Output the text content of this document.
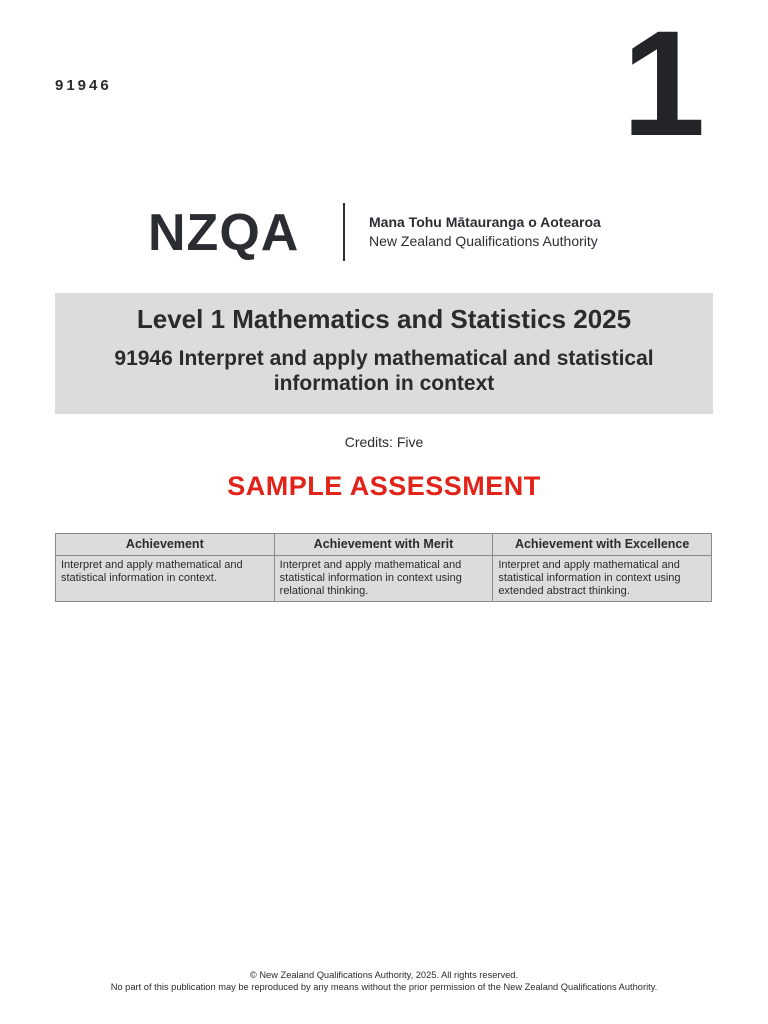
91946	1
NZQA	Mana Tohu Mātauranga o Aotearoa
New Zealand Qualifications Authority
Level 1 Mathematics and Statistics 2025
91946 Interpret and apply mathematical and statistical information in context
Credits: Five
SAMPLE ASSESSMENT
Achievement	Achievement with Merit	Achievement with Excellence
Interpret and apply mathematical and statistical information in context.	Interpret and apply mathematical and statistical information in context using relational thinking.	Interpret and apply mathematical and statistical information in context using extended abstract thinking.
© New Zealand Qualifications Authority, 2025. All rights reserved.
No part of this publication may be reproduced by any means without the prior permission of the New Zealand Qualifications Authority.
